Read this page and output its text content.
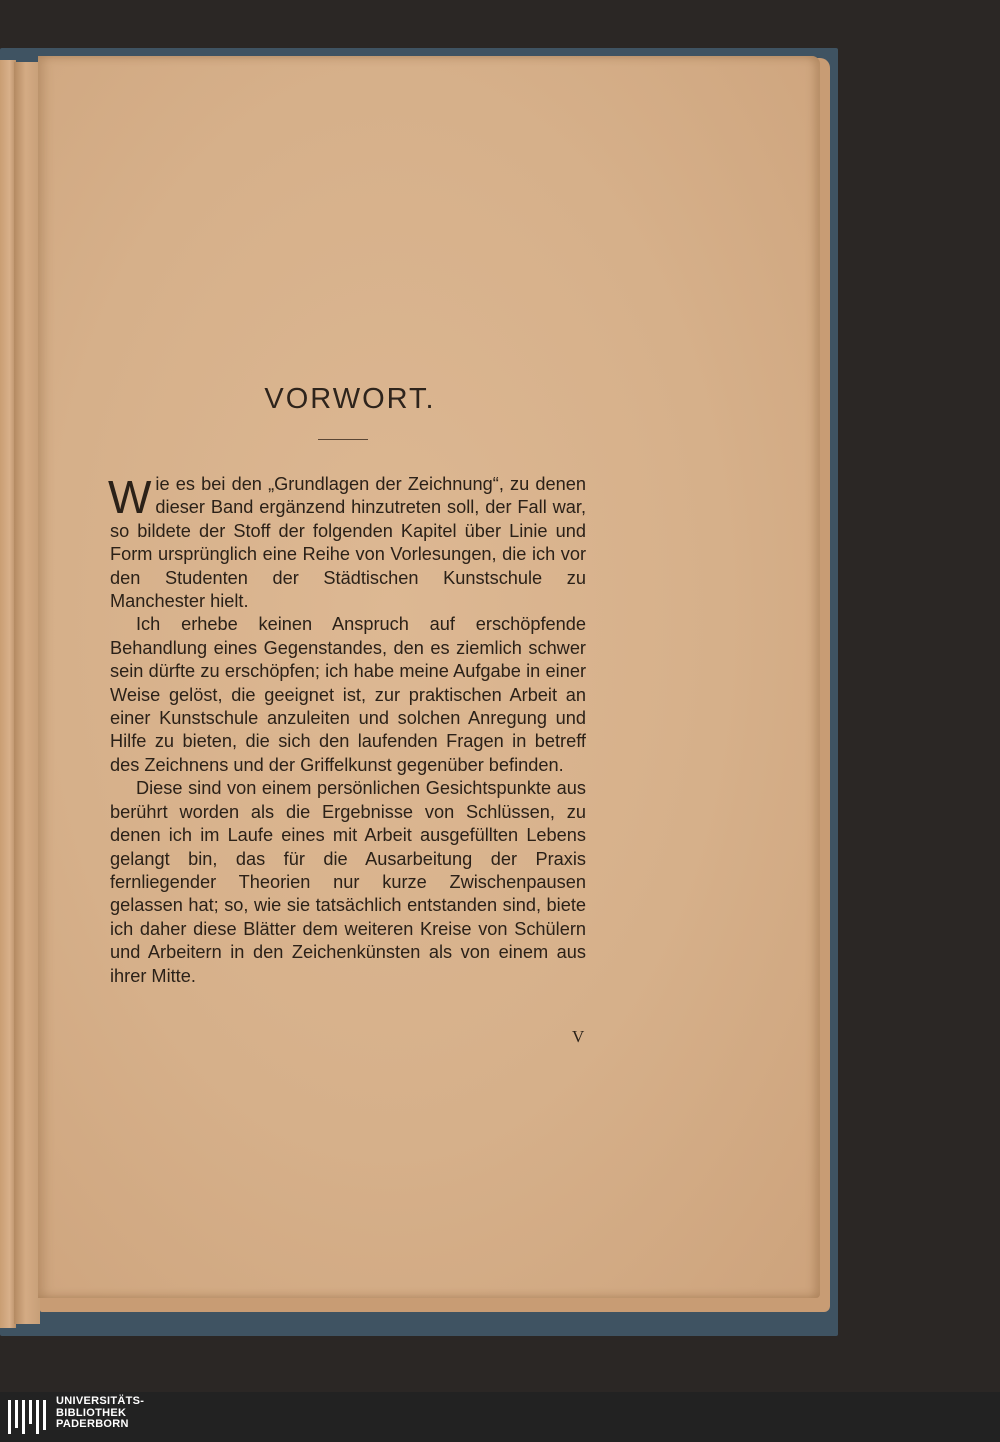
VORWORT.

Wie es bei den „Grundlagen der Zeichnung“, zu denen dieser Band ergänzend hinzutreten soll, der Fall war, so bildete der Stoff der folgenden Kapitel über Linie und Form ursprünglich eine Reihe von Vorlesungen, die ich vor den Studenten der Städtischen Kunstschule zu Manchester hielt.

Ich erhebe keinen Anspruch auf erschöpfende Behandlung eines Gegenstandes, den es ziemlich schwer sein dürfte zu erschöpfen; ich habe meine Aufgabe in einer Weise gelöst, die geeignet ist, zur praktischen Arbeit an einer Kunstschule anzuleiten und solchen Anregung und Hilfe zu bieten, die sich den laufenden Fragen in betreff des Zeichnens und der Griffelkunst gegenüber befinden.

Diese sind von einem persönlichen Gesichtspunkte aus berührt worden als die Ergebnisse von Schlüssen, zu denen ich im Laufe eines mit Arbeit ausgefüllten Lebens gelangt bin, das für die Ausarbeitung der Praxis fernliegender Theorien nur kurze Zwischenpausen gelassen hat; so, wie sie tatsächlich entstanden sind, biete ich daher diese Blätter dem weiteren Kreise von Schülern und Arbeitern in den Zeichenkünsten als von einem aus ihrer Mitte.

V
UNIVERSITÄTS-
BIBLIOTHEK
PADERBORN
